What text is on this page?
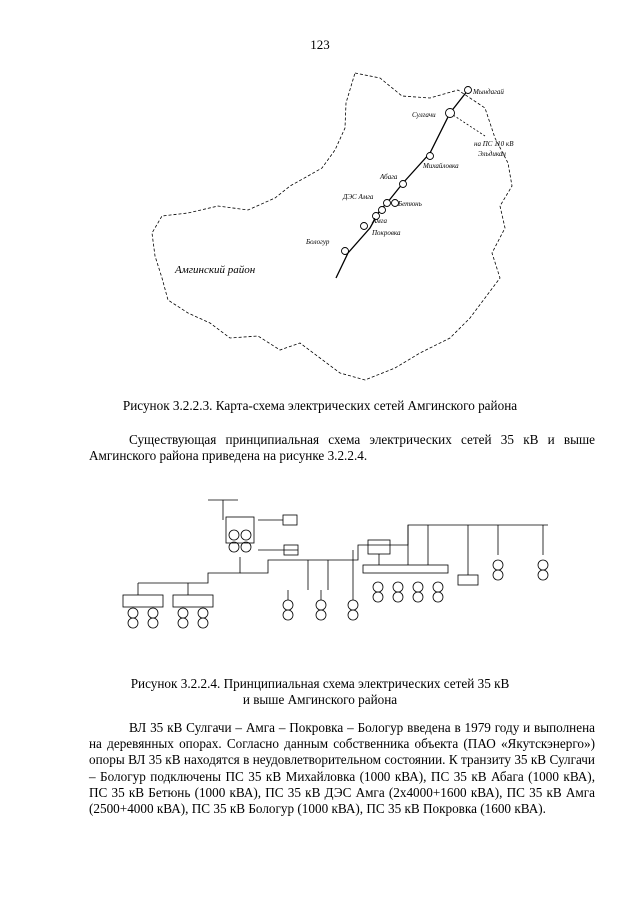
123
Мындагай
Сулгачи
на ПС 110 кВ
Эльдикан
Михайловка
Абага
ДЭС Амга
Бетюнь
Амга
Покровка
Бологур
Амгинский район
Рисунок 3.2.2.3. Карта-схема электрических сетей Амгинского района
Существующая принципиальная схема электрических сетей 35 кВ и выше Амгинского района приведена на рисунке 3.2.2.4.
Рисунок 3.2.2.4. Принципиальная схема электрических сетей 35 кВ
и выше Амгинского района
ВЛ 35 кВ Сулгачи – Амга – Покровка – Бологур введена в 1979 году и выполнена на деревянных опорах. Согласно данным собственника объекта (ПАО «Якутскэнерго») опоры ВЛ 35 кВ находятся в неудовлетворительном состоянии. К транзиту 35 кВ Сулгачи – Бологур подключены ПС 35 кВ Михайловка (1000 кВА), ПС 35 кВ Абага (1000 кВА), ПС 35 кВ Бетюнь (1000 кВА), ПС 35 кВ ДЭС Амга (2х4000+1600 кВА), ПС 35 кВ Амга (2500+4000 кВА), ПС 35 кВ Бологур (1000 кВА), ПС 35 кВ Покровка (1600 кВА).
